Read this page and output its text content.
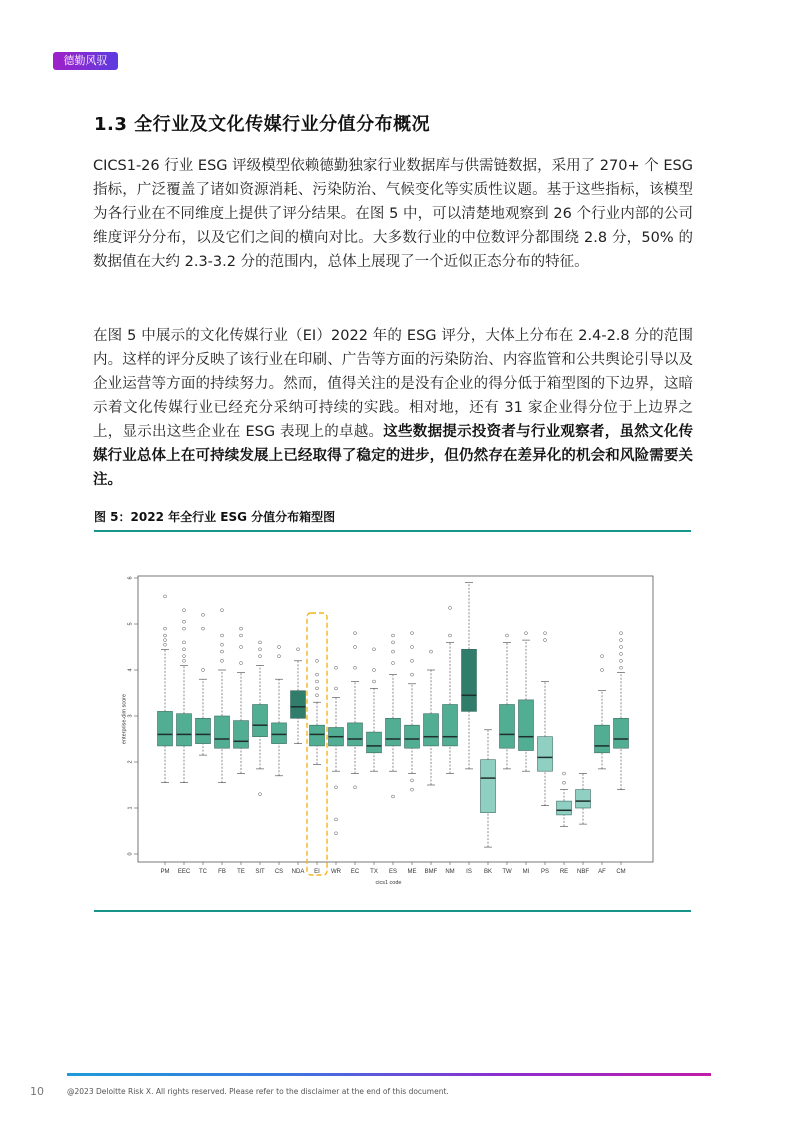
德勤风驭
1.3 全行业及文化传媒行业分值分布概况

CICS1-26 行业 ESG 评级模型依赖德勤独家行业数据库与供需链数据，采用了 270+ 个 ESG 指标，广泛覆盖了诸如资源消耗、污染防治、气候变化等实质性议题。基于这些指标，该模型为各行业在不同维度上提供了评分结果。在图 5 中，可以清楚地观察到 26 个行业内部的公司维度评分分布，以及它们之间的横向对比。大多数行业的中位数评分都围绕 2.8 分，50% 的数据值在大约 2.3-3.2 分的范围内，总体上展现了一个近似正态分布的特征。

在图 5 中展示的文化传媒行业（EI）2022 年的 ESG 评分，大体上分布在 2.4-2.8 分的范围内。这样的评分反映了该行业在印刷、广告等方面的污染防治、内容监管和公共舆论引导以及企业运营等方面的持续努力。然而，值得关注的是没有企业的得分低于箱型图的下边界，这暗示着文化传媒行业已经充分采纳可持续的实践。相对地，还有 31 家企业得分位于上边界之上，显示出这些企业在 ESG 表现上的卓越。这些数据提示投资者与行业观察者，虽然文化传媒行业总体上在可持续发展上已经取得了稳定的进步，但仍然存在差异化的机会和风险需要关注。

图 5：2022 年全行业 ESG 分值分布箱型图

0
1
2
3
4
5
6
enterprise-dim score
PM EEC TC FB TE SIT CS NDA EI WR EC TX ES ME BMF NM IS BK TW MI PS RE NBF AF CM
cics1 code
10	@2023 Deloitte Risk X. All rights reserved. Please refer to the disclaimer at the end of this document.
